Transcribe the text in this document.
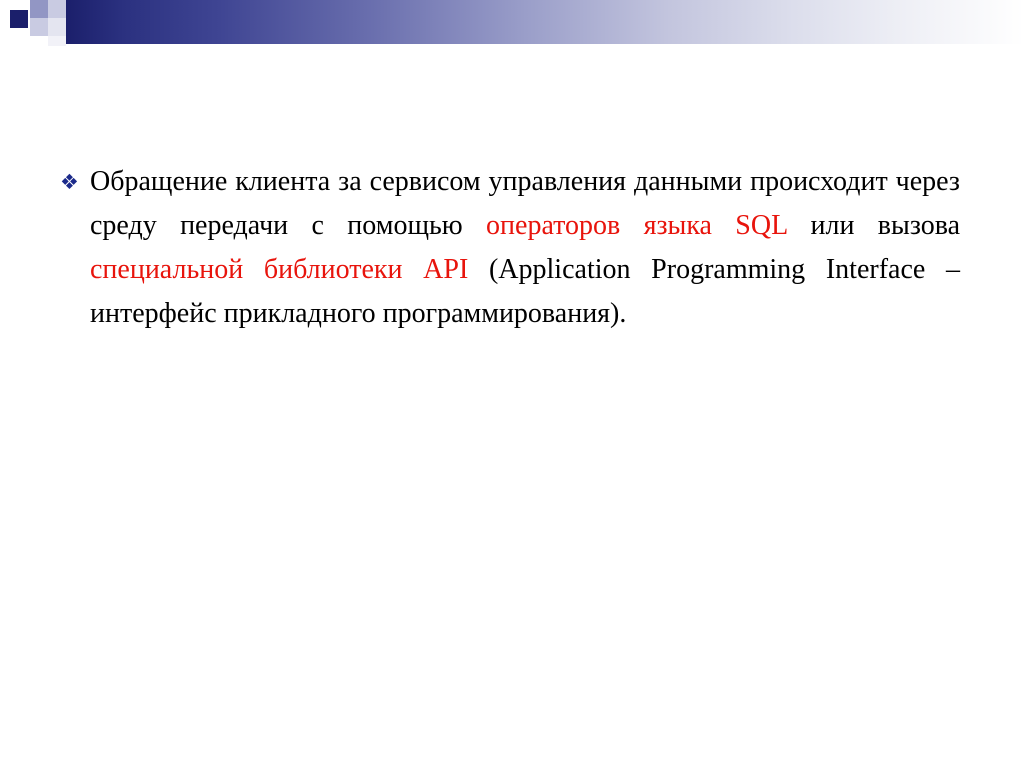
❖ Обращение клиента за сервисом управления данными происходит через среду передачи с помощью операторов языка SQL или вызова специальной библиотеки API (Application Programming Interface – интерфейс прикладного программирования).
